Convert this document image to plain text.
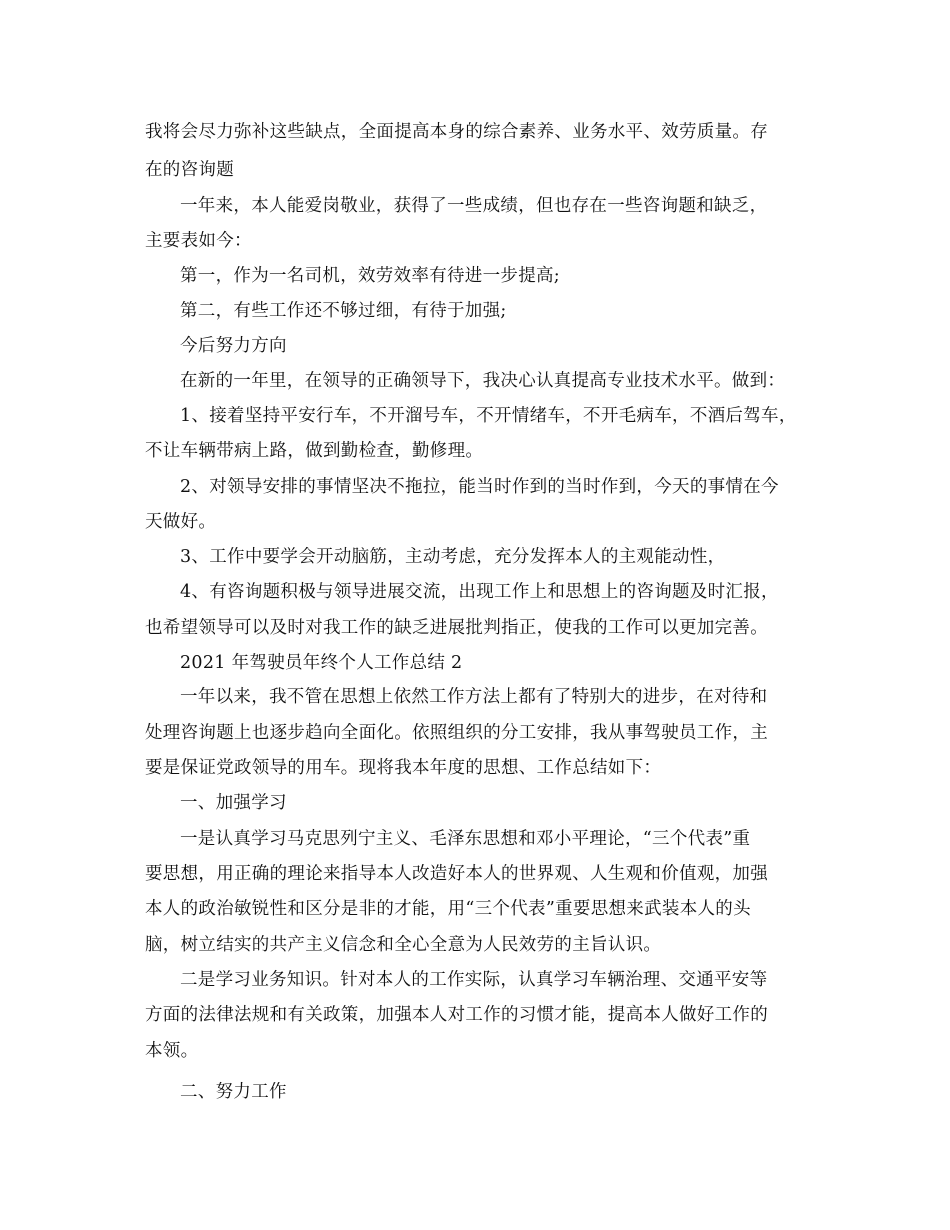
我将会尽力弥补这些缺点，全面提高本身的综合素养、业务水平、效劳质量。存
在的咨询题
一年来，本人能爱岗敬业，获得了一些成绩，但也存在一些咨询题和缺乏，
主要表如今：
第一，作为一名司机，效劳效率有待进一步提高;
第二，有些工作还不够过细，有待于加强;
今后努力方向
在新的一年里，在领导的正确领导下，我决心认真提高专业技术水平。做到：
1、接着坚持平安行车，不开溜号车，不开情绪车，不开毛病车，不酒后驾车，
不让车辆带病上路，做到勤检查，勤修理。
2、对领导安排的事情坚决不拖拉，能当时作到的当时作到，今天的事情在今
天做好。
3、工作中要学会开动脑筋，主动考虑，充分发挥本人的主观能动性，
4、有咨询题积极与领导进展交流，出现工作上和思想上的咨询题及时汇报，
也希望领导可以及时对我工作的缺乏进展批判指正，使我的工作可以更加完善。
2021 年驾驶员年终个人工作总结 2
一年以来，我不管在思想上依然工作方法上都有了特别大的进步，在对待和
处理咨询题上也逐步趋向全面化。依照组织的分工安排，我从事驾驶员工作，主
要是保证党政领导的用车。现将我本年度的思想、工作总结如下：
一、加强学习
一是认真学习马克思列宁主义、毛泽东思想和邓小平理论，“三个代表”重
要思想，用正确的理论来指导本人改造好本人的世界观、人生观和价值观，加强
本人的政治敏锐性和区分是非的才能，用“三个代表”重要思想来武装本人的头
脑，树立结实的共产主义信念和全心全意为人民效劳的主旨认识。
二是学习业务知识。针对本人的工作实际，认真学习车辆治理、交通平安等
方面的法律法规和有关政策，加强本人对工作的习惯才能，提高本人做好工作的
本领。
二、努力工作
